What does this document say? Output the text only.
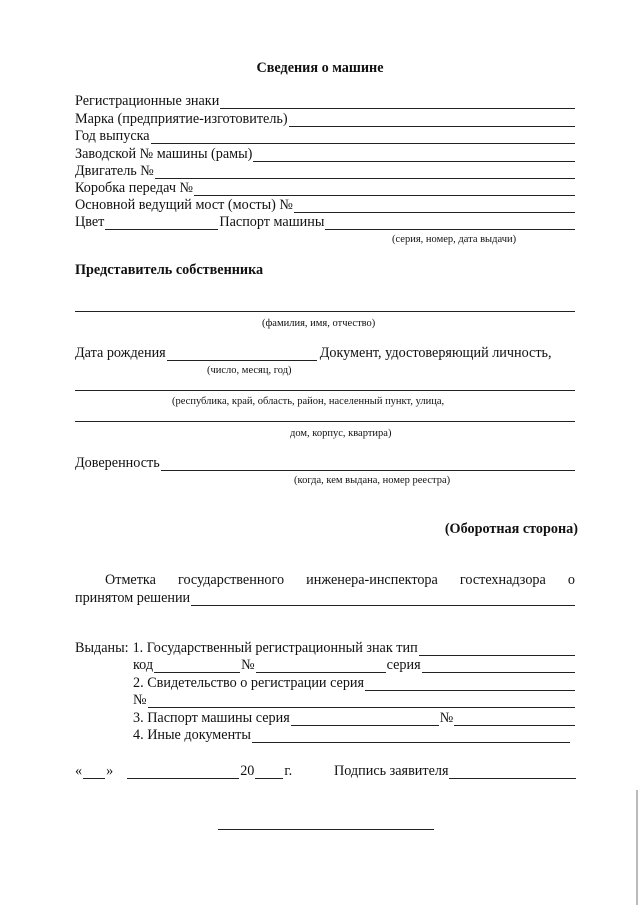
Сведения о машине
Регистрационные знаки
Марка (предприятие-изготовитель)
Год выпуска
Заводской № машины (рамы)
Двигатель №
Коробка передач №
Основной ведущий мост (мосты) №
Цвет	Паспорт машины
(серия, номер, дата выдачи)
Представитель собственника
(фамилия, имя, отчество)
Дата рождения	Документ, удостоверяющий личность,
(число, месяц, год)
(республика, край, область, район, населенный пункт, улица,
дом, корпус, квартира)
Доверенность
(когда, кем выдана, номер реестра)
(Оборотная сторона)
Отметка государственного инженера-инспектора гостехнадзора о
принятом решении
Выданы: 1. Государственный регистрационный знак тип
код	№	серия
2. Свидетельство о регистрации серия
№
3. Паспорт машины серия	№
4. Иные документы
« »	20 г.	Подпись заявителя
